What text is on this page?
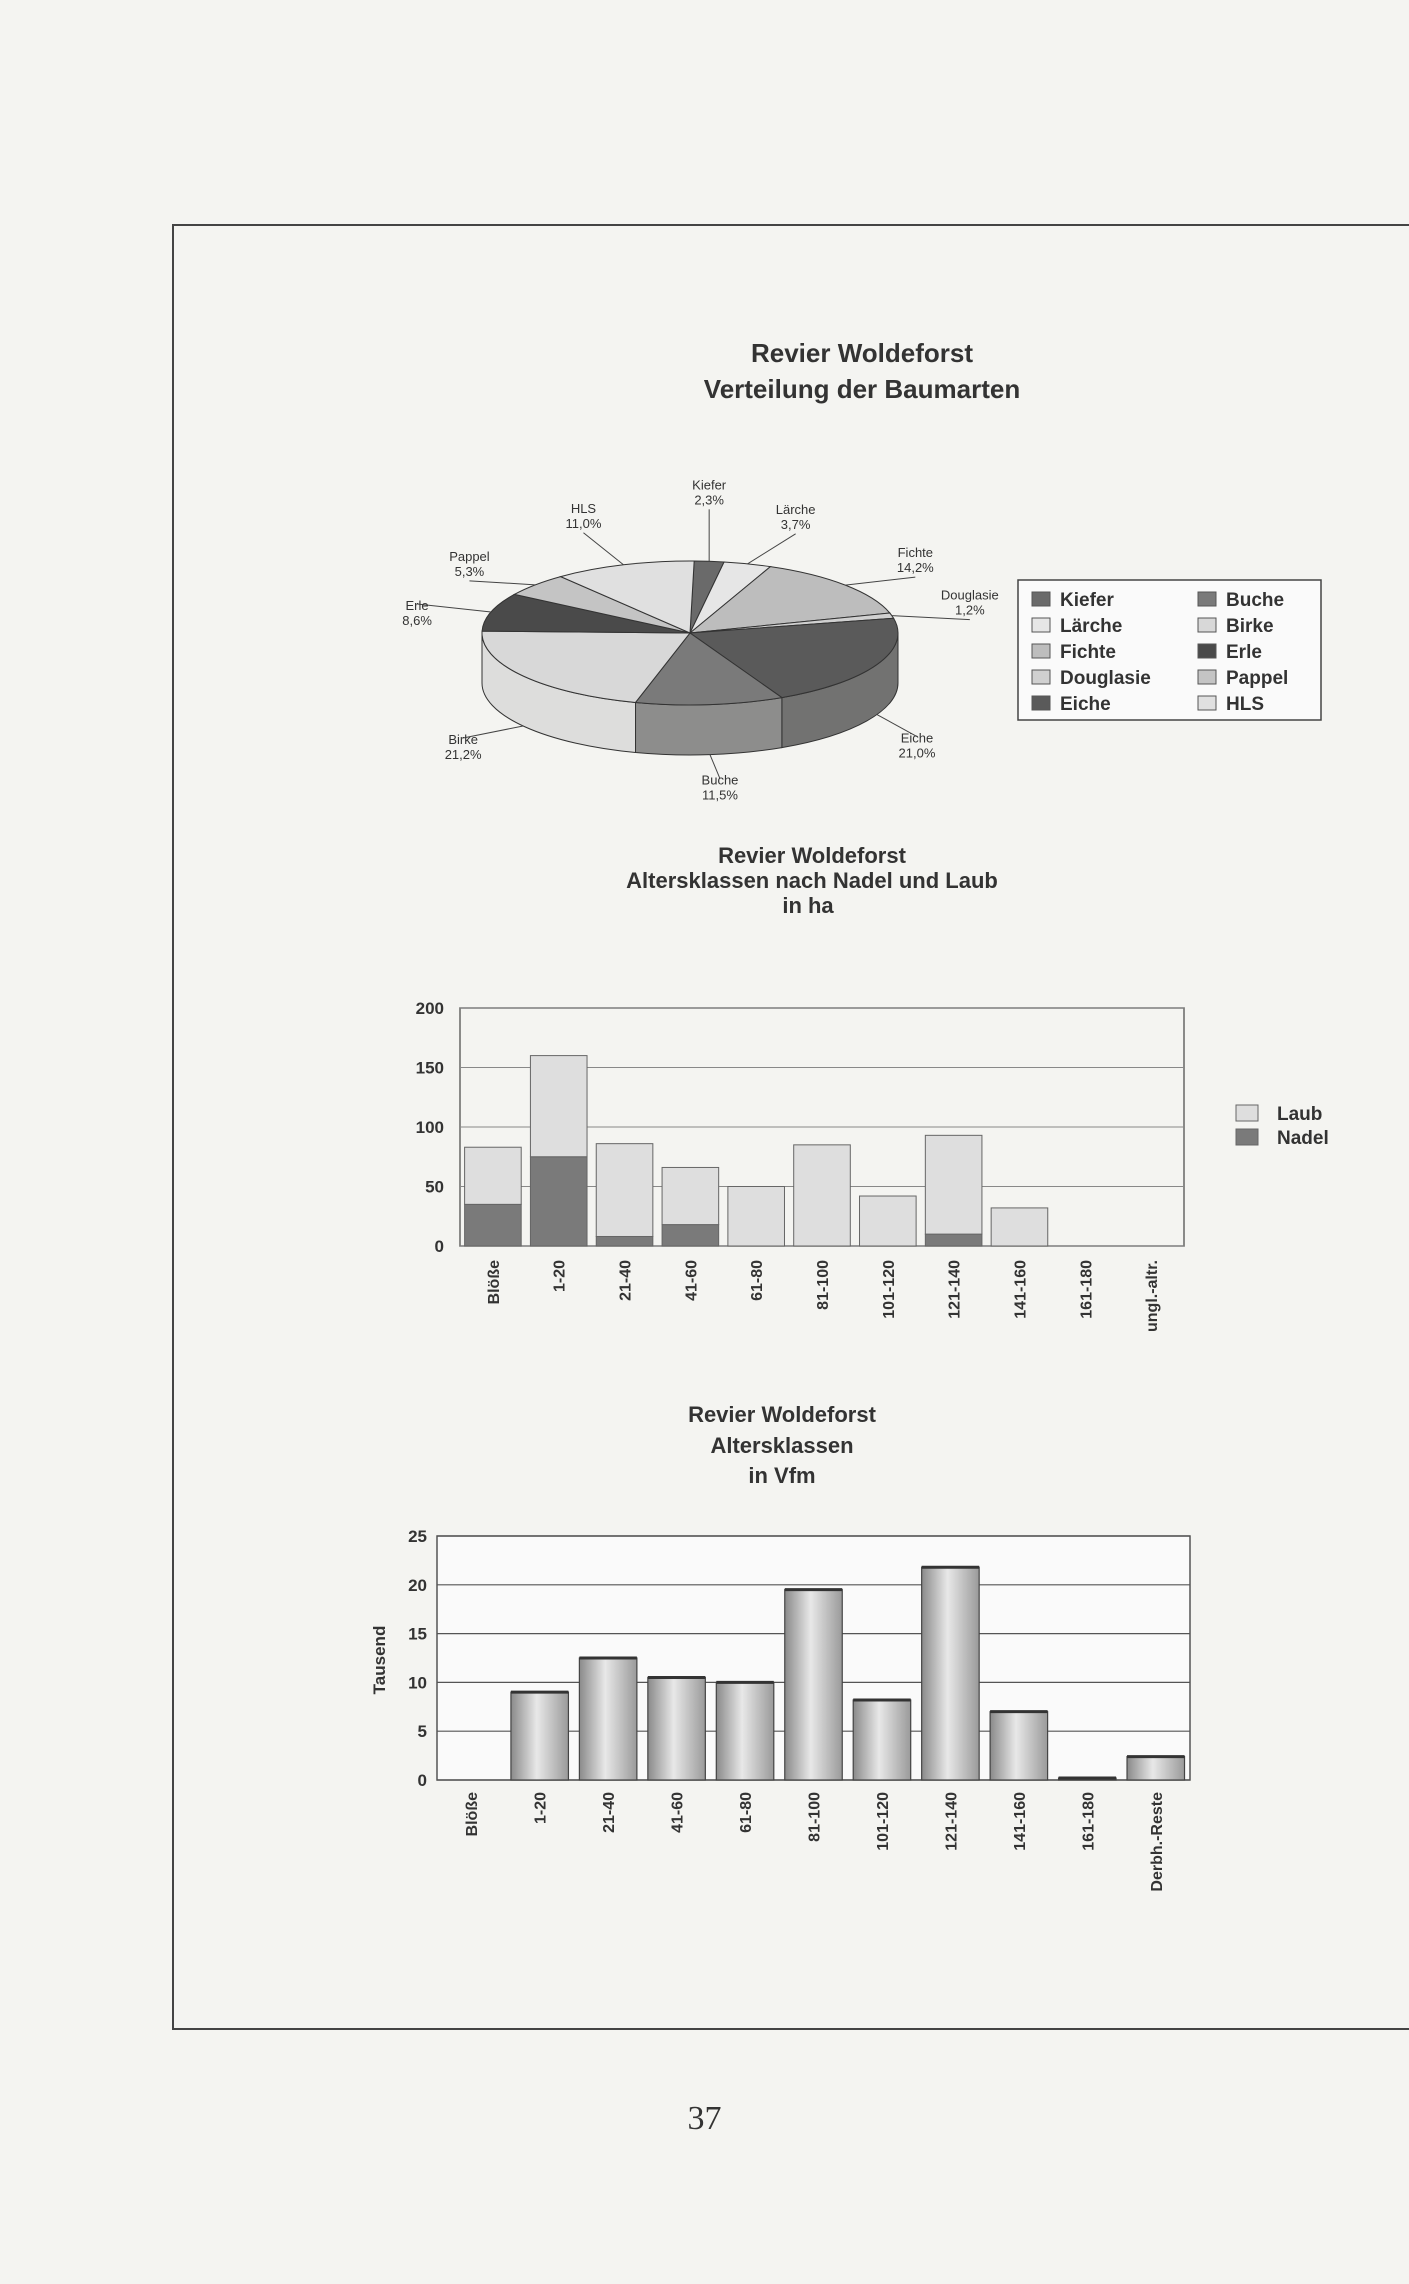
Revier Woldeforst
Verteilung der Baumarten
Kiefer
2,3%
Lärche
3,7%
Fichte
14,2%
Douglasie
1,2%
Eiche
21,0%
Buche
11,5%
Birke
21,2%
Erle
8,6%
Pappel
5,3%
HLS
11,0%
Kiefer	Buche
Lärche	Birke
Fichte	Erle
Douglasie	Pappel
Eiche	HLS
Revier Woldeforst
Altersklassen nach Nadel und Laub
in ha
0
50
100
150
200
Blöße	1-20	21-40	41-60	61-80	81-100	101-120	121-140	141-160	161-180	ungl.-altr.
Laub
Nadel
Revier Woldeforst
Altersklassen
in Vfm
Tausend
0
5
10
15
20
25
Blöße	1-20	21-40	41-60	61-80	81-100	101-120	121-140	141-160	161-180	Derbh.-Reste
37
